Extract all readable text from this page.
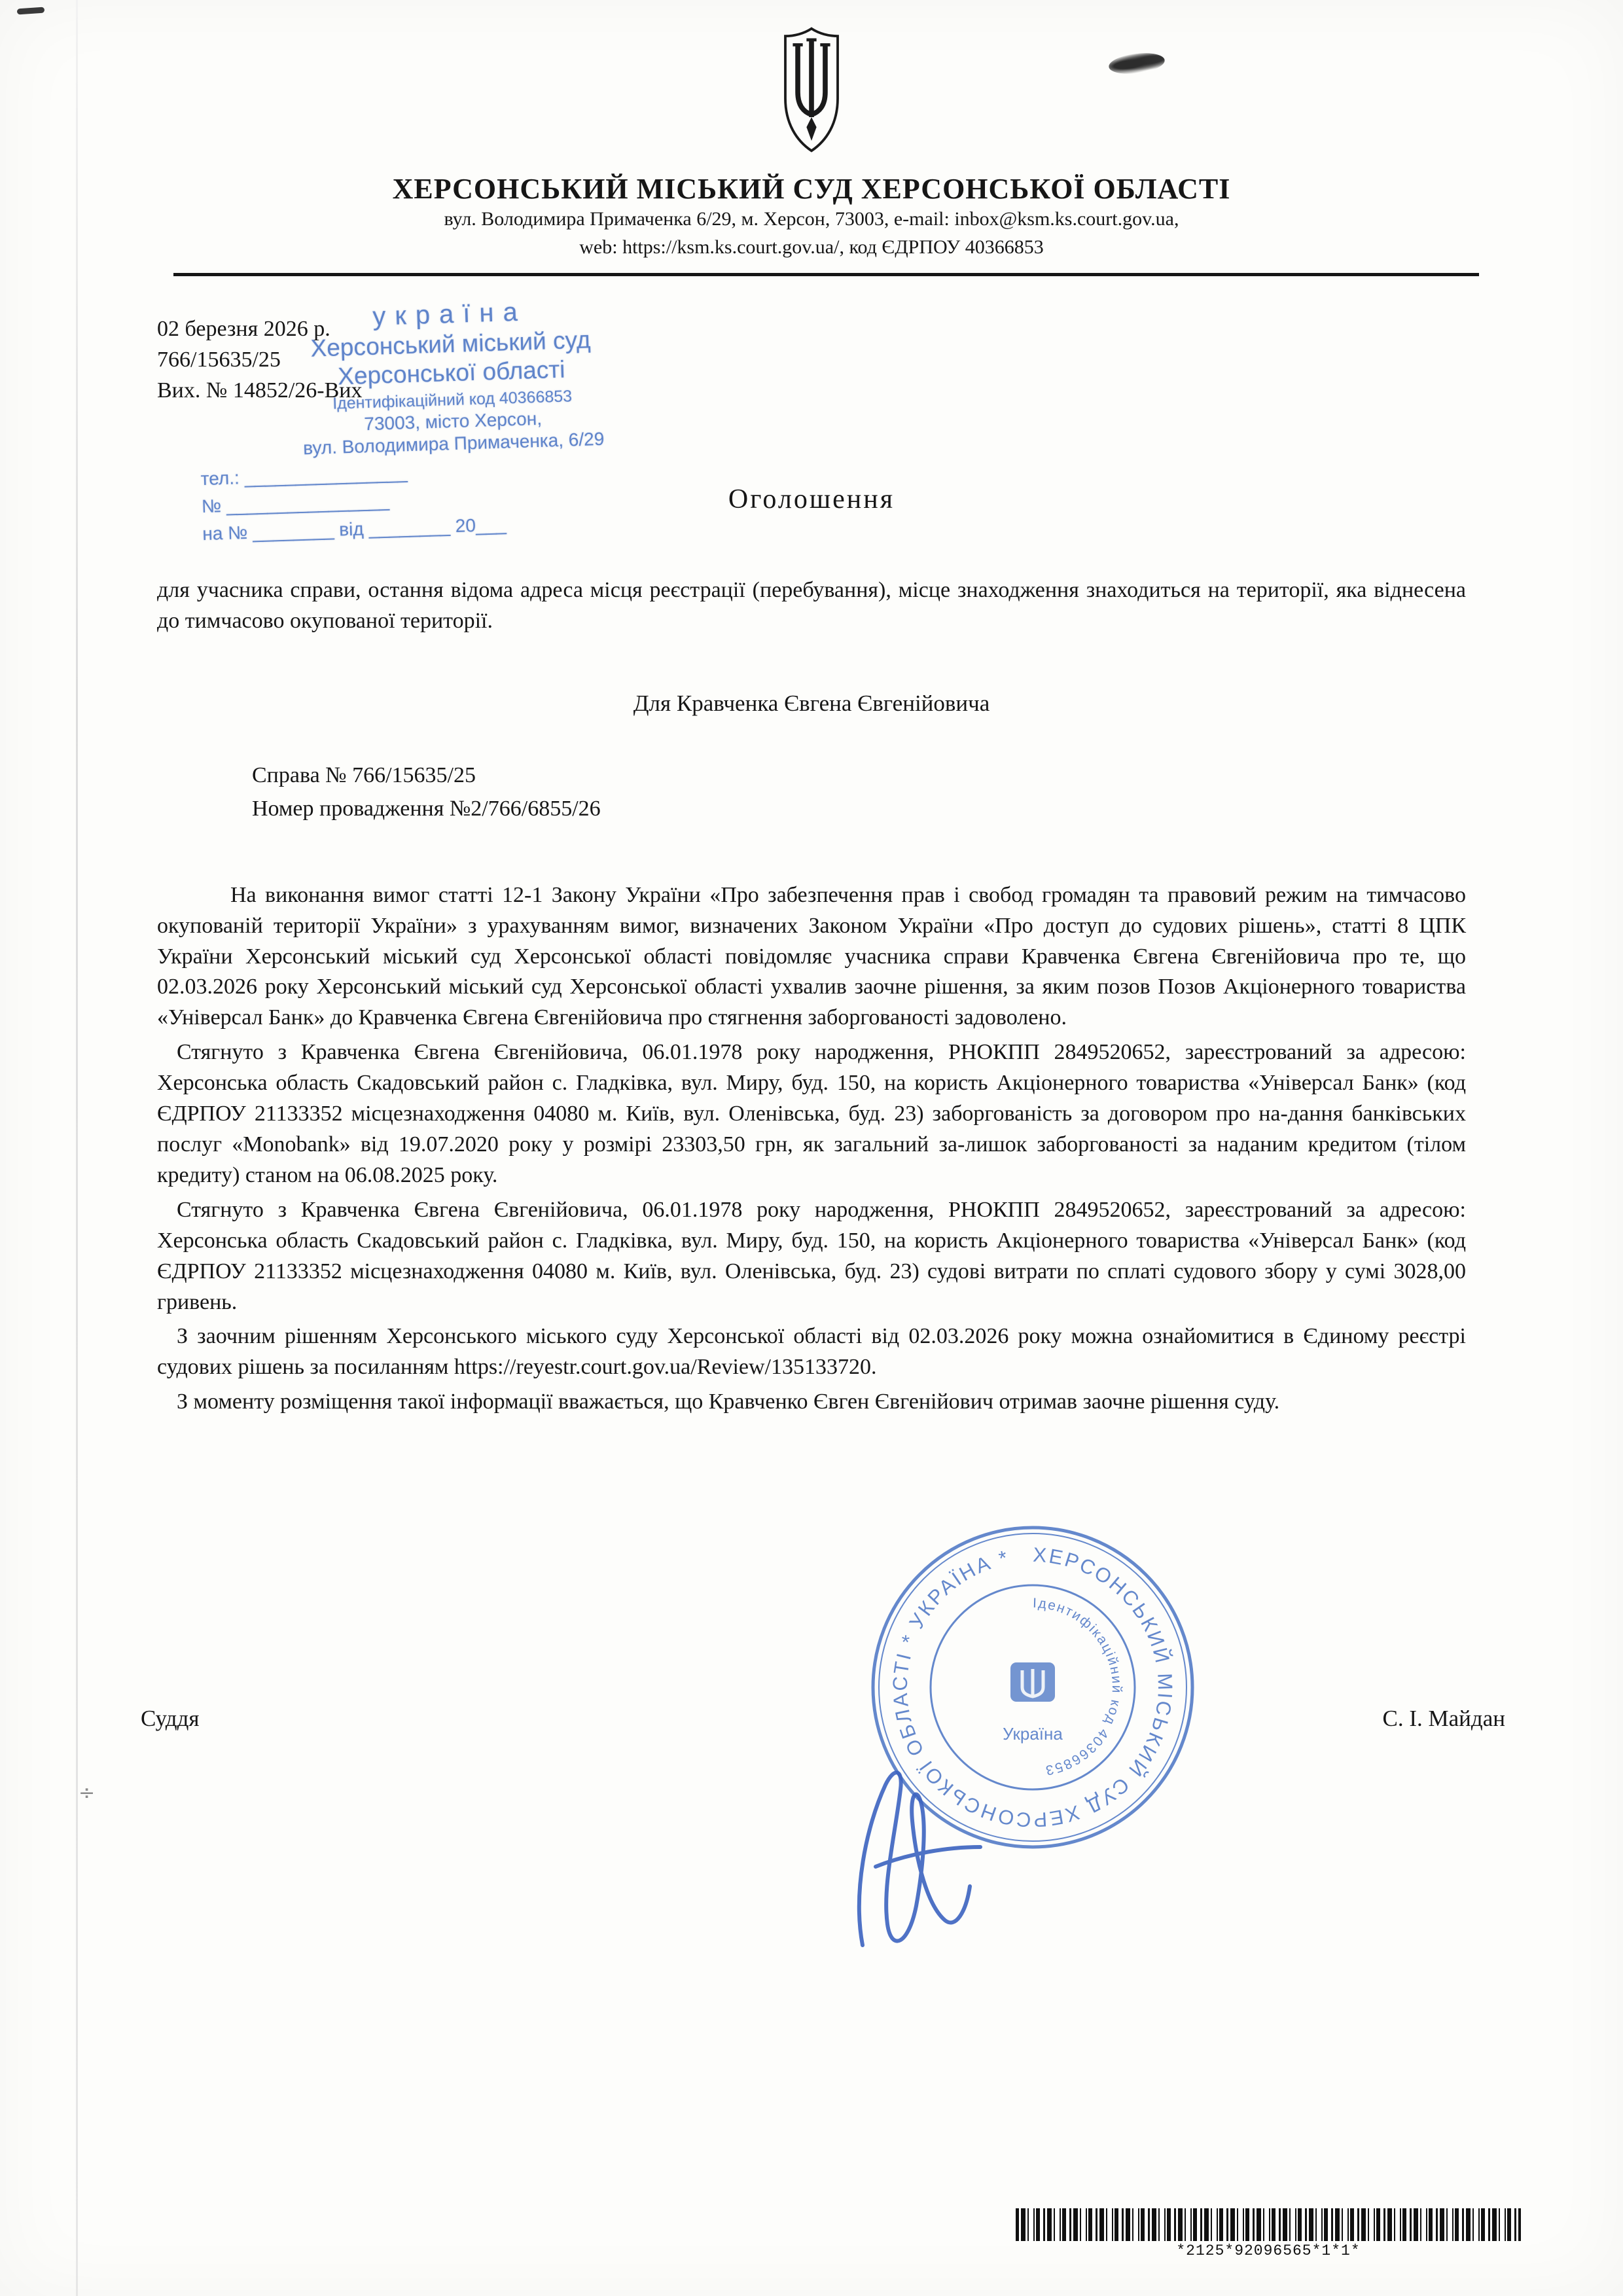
÷
україна
Херсонський міський суд
Херсонської області
Ідентифікаційний код 40366853
73003, місто Херсон,
вул. Володимира Примаченка, 6/29
тел.: ________________
№ ________________
на № ________ від ________ 20___
ХЕРСОНСЬКИЙ МІСЬКИЙ СУД ХЕРСОНСЬКОЇ ОБЛАСТІ * УКРАЇНА *
Ідентифікаційний код 40366853
Україна
*2125*92096565*1*1*
ХЕРСОНСЬКИЙ МІСЬКИЙ СУД ХЕРСОНСЬКОЇ ОБЛАСТІ
вул. Володимира Примаченка 6/29, м. Херсон, 73003, e-mail: inbox@ksm.ks.court.gov.ua,
web: https://ksm.ks.court.gov.ua/, код ЄДРПОУ 40366853
02 березня 2026 р.
766/15635/25
Вих. № 14852/26-Вих
Оголошення

для учасника справи, остання відома адреса місця реєстрації (перебування), місце знаходження знаходиться на території, яка віднесена до тимчасово окупованої території.

Для Кравченка Євгена Євгенійовича
Справа № 766/15635/25
Номер провадження №2/766/6855/26

На виконання вимог статті 12-1 Закону України «Про забезпечення прав і свобод громадян та правовий режим на тимчасово окупованій території України» з урахуванням вимог, визначених Законом України «Про доступ до судових рішень», статті 8 ЦПК України Херсонський міський суд Херсонської області повідомляє учасника справи Кравченка Євгена Євгенійовича про те, що 02.03.2026 року Херсонський міський суд Херсонської області ухвалив заочне рішення, за яким позов Позов Акціонерного товариства «Універсал Банк» до Кравченка Євгена Євгенійовича про стягнення заборгованості задоволено.

Стягнуто з Кравченка Євгена Євгенійовича, 06.01.1978 року народження, РНОКПП 2849520652, зареєстрований за адресою: Херсонська область Скадовський район с. Гладківка, вул. Миру, буд. 150, на користь Акціонерного товариства «Універсал Банк» (код ЄДРПОУ 21133352 місцезнаходження 04080 м. Київ, вул. Оленівська, буд. 23) заборгованість за договором про на-дання банківських послуг «Monobank» від 19.07.2020 року у розмірі 23303,50 грн, як загальний за-лишок заборгованості за наданим кредитом (тілом кредиту) станом на 06.08.2025 року.

Стягнуто з Кравченка Євгена Євгенійовича, 06.01.1978 року народження, РНОКПП 2849520652, зареєстрований за адресою: Херсонська область Скадовський район с. Гладківка, вул. Миру, буд. 150, на користь Акціонерного товариства «Універсал Банк» (код ЄДРПОУ 21133352 місцезнаходження 04080 м. Київ, вул. Оленівська, буд. 23) судові витрати по сплаті судового збору у сумі 3028,00 гривень.

З заочним рішенням Херсонського міського суду Херсонської області від 02.03.2026 року можна ознайомитися в Єдиному реєстрі судових рішень за посиланням https://reyestr.court.gov.ua/Review/135133720.

З моменту розміщення такої інформації вважається, що Кравченко Євген Євгенійович отримав заочне рішення суду.

Суддя	С. І. Майдан
